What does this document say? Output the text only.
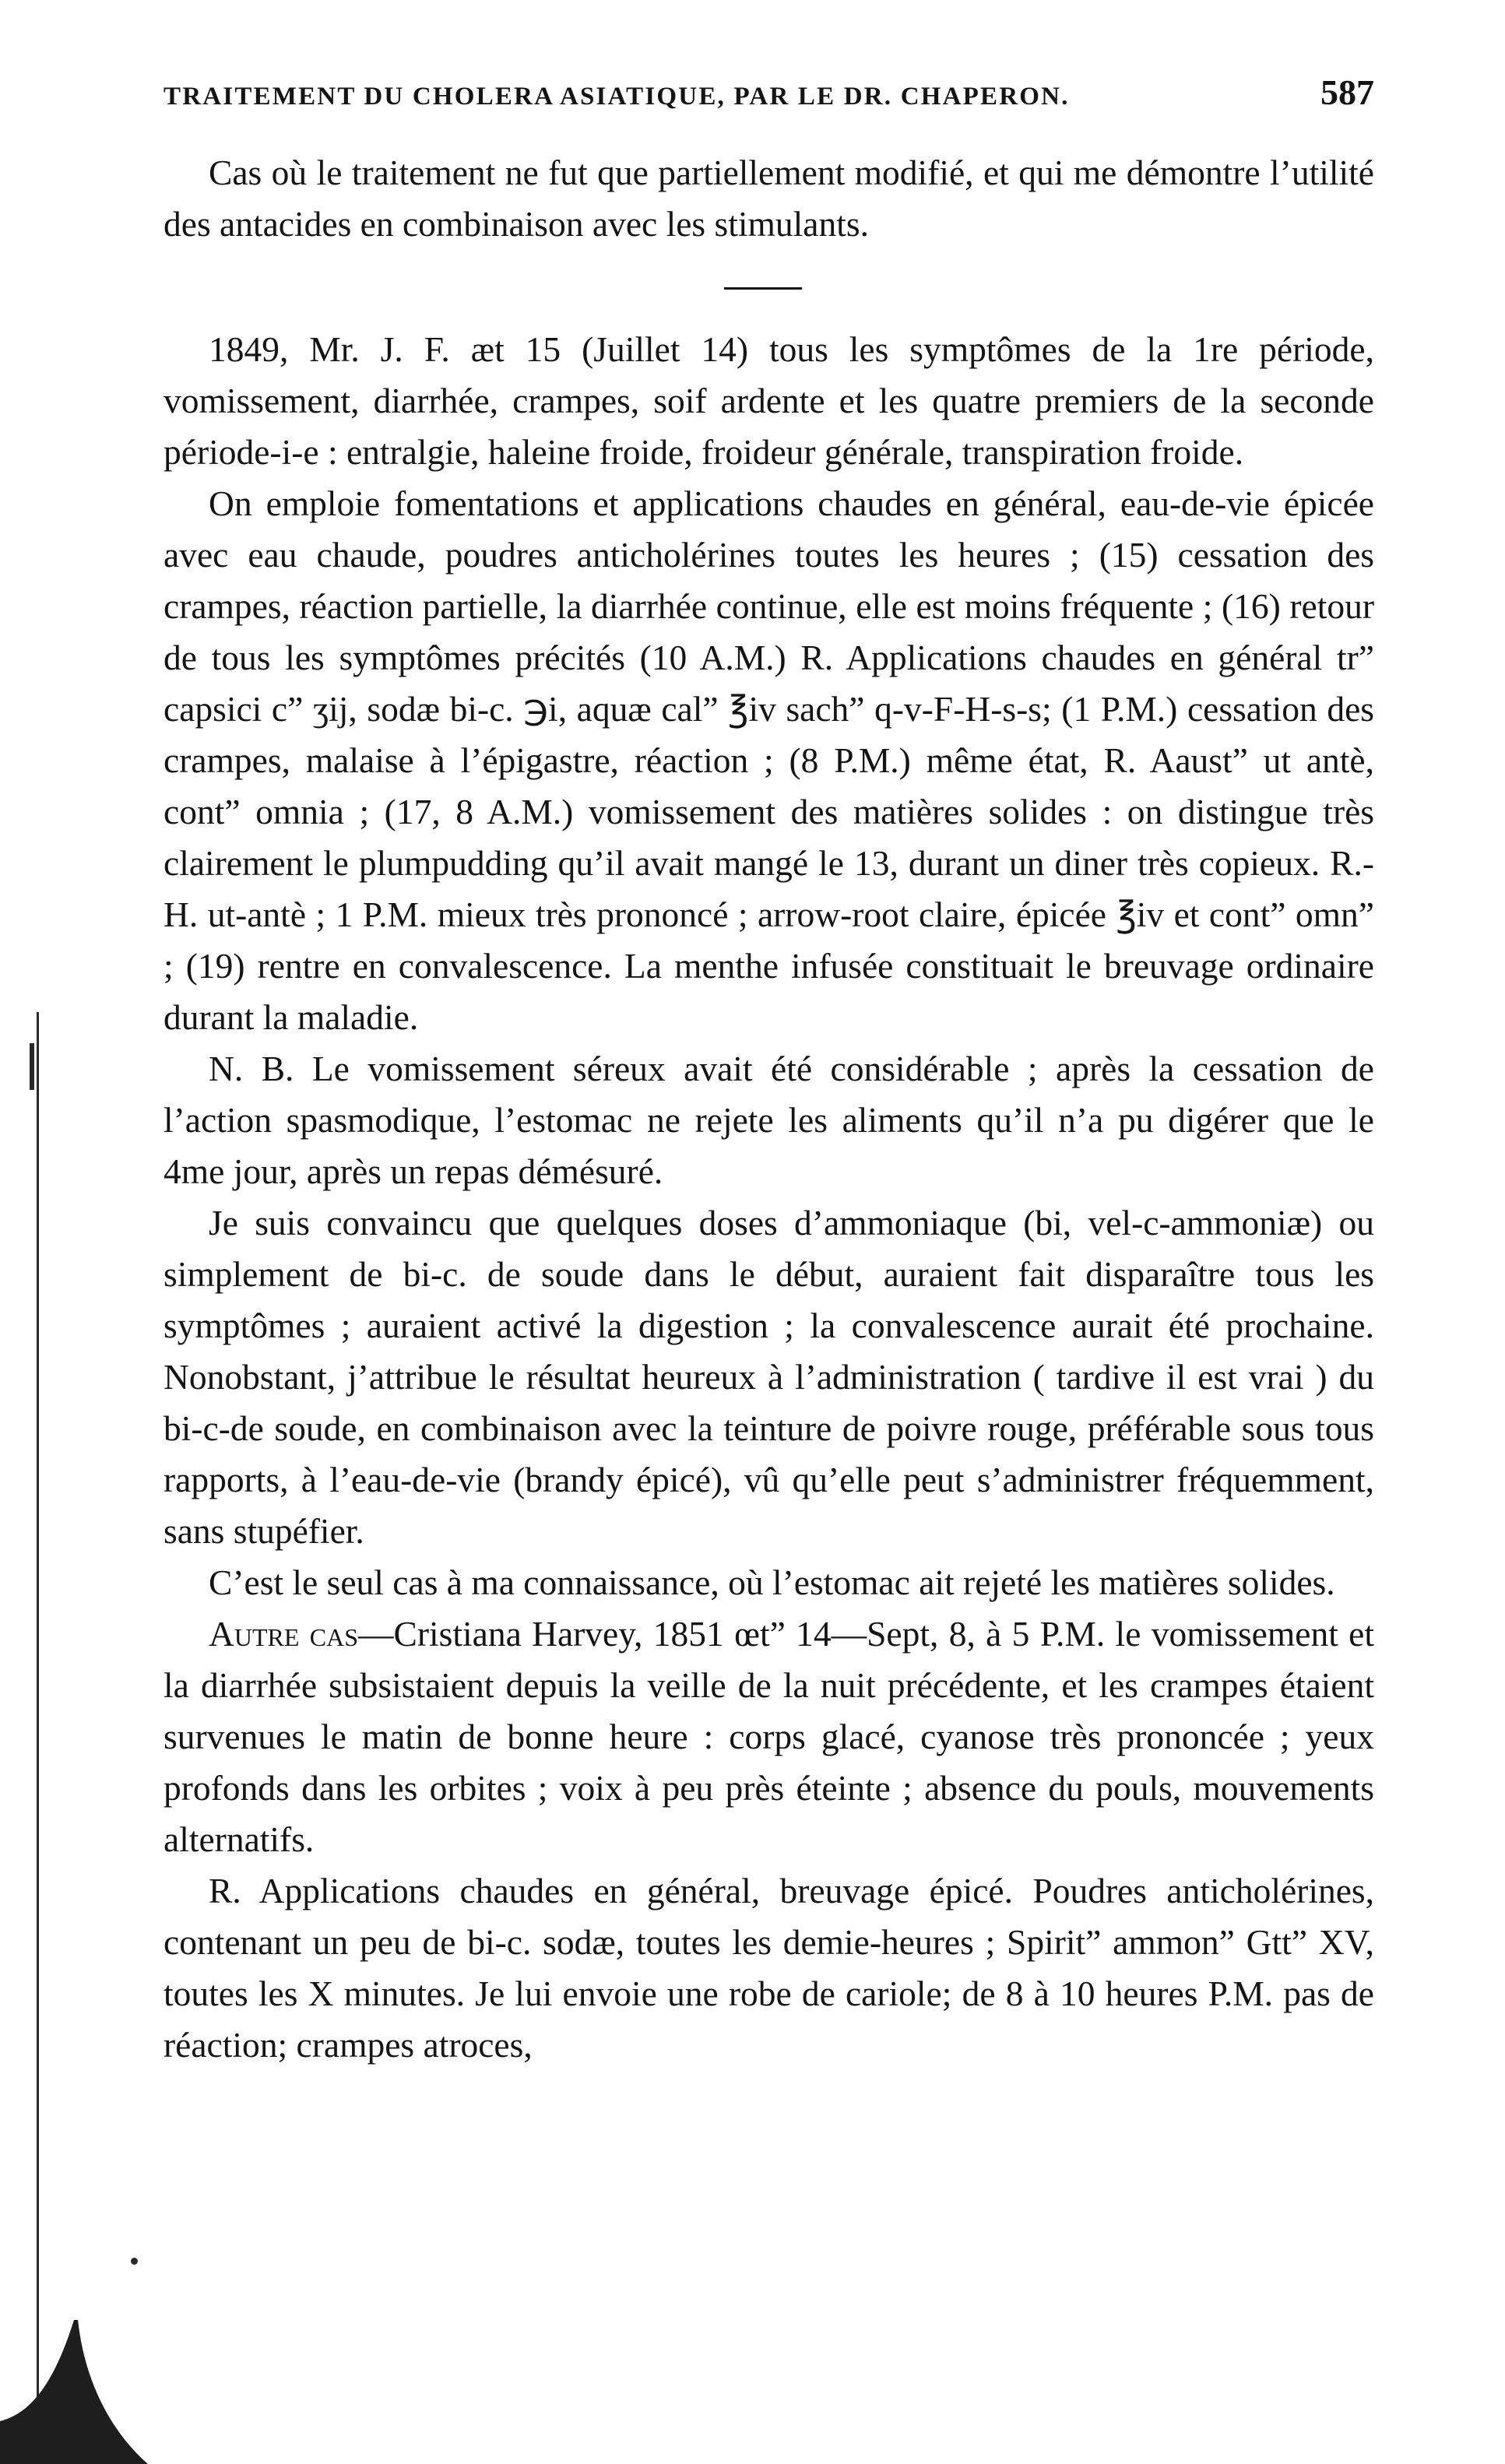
TRAITEMENT DU CHOLERA ASIATIQUE, PAR LE DR. CHAPERON.	587

Cas où le traitement ne fut que partiellement modifié, et qui me démontre l’utilité des antacides en combinaison avec les stimulants.

1849, Mr. J. F. æt 15 (Juillet 14) tous les symptômes de la 1re période, vomissement, diarrhée, crampes, soif ardente et les quatre premiers de la seconde période-i-e : entralgie, haleine froide, froideur générale, transpiration froide.

On emploie fomentations et applications chaudes en général, eau-de-vie épicée avec eau chaude, poudres anticholérines toutes les heures ; (15) cessation des crampes, réaction partielle, la diarrhée continue, elle est moins fréquente ; (16) retour de tous les symptômes précités (10 A.M.) R. Applications chaudes en général tr” capsici c” ʒij, sodæ bi-c. ℈i, aquæ cal” ℥iv sach” q-v-F-H-s-s; (1 P.M.) cessation des crampes, malaise à l’épigastre, réaction ; (8 P.M.) même état, R. Aaust” ut antè, cont” omnia ; (17, 8 A.M.) vomissement des matières solides : on distingue très clairement le plumpudding qu’il avait mangé le 13, durant un diner très copieux. R.-H. ut-antè ; 1 P.M. mieux très prononcé ; arrow-root claire, épicée ℥iv et cont” omn” ; (19) rentre en convalescence. La menthe infusée constituait le breuvage ordinaire durant la maladie.

N. B. Le vomissement séreux avait été considérable ; après la cessation de l’action spasmodique, l’estomac ne rejete les aliments qu’il n’a pu digérer que le 4me jour, après un repas démésuré.

Je suis convaincu que quelques doses d’ammoniaque (bi, vel-c-ammoniæ) ou simplement de bi-c. de soude dans le début, auraient fait disparaître tous les symptômes ; auraient activé la digestion ; la convalescence aurait été prochaine. Nonobstant, j’attribue le résultat heureux à l’administration ( tardive il est vrai ) du bi-c-de soude, en combinaison avec la teinture de poivre rouge, préférable sous tous rapports, à l’eau-de-vie (brandy épicé), vû qu’elle peut s’administrer fréquemment, sans stupéfier.

C’est le seul cas à ma connaissance, où l’estomac ait rejeté les matières solides.

Autre cas—Cristiana Harvey, 1851 œt” 14—Sept, 8, à 5 P.M. le vomissement et la diarrhée subsistaient depuis la veille de la nuit précédente, et les crampes étaient survenues le matin de bonne heure : corps glacé, cyanose très prononcée ; yeux profonds dans les orbites ; voix à peu près éteinte ; absence du pouls, mouvements alternatifs.

R. Applications chaudes en général, breuvage épicé. Poudres anticholérines, contenant un peu de bi-c. sodæ, toutes les demie-heures ; Spirit” ammon” Gtt” XV, toutes les X minutes. Je lui envoie une robe de cariole; de 8 à 10 heures P.M. pas de réaction; crampes atroces,
